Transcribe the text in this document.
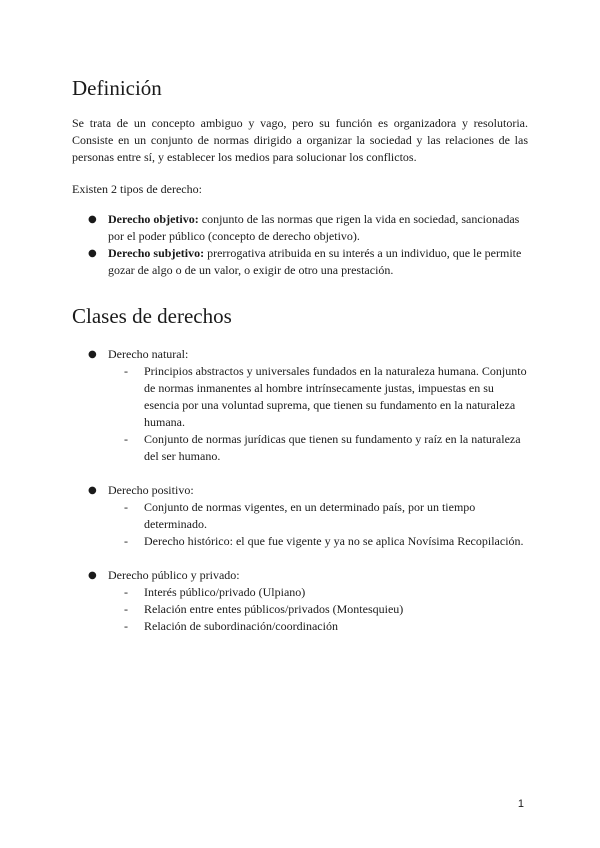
Definición

Se trata de un concepto ambiguo y vago, pero su función es organizadora y resolutoria. Consiste en un conjunto de normas dirigido a organizar la sociedad y las relaciones de las personas entre sí, y establecer los medios para solucionar los conflictos.

Existen 2 tipos de derecho:

● Derecho objetivo: conjunto de las normas que rigen la vida en sociedad, sancionadas por el poder público (concepto de derecho objetivo).
● Derecho subjetivo: prerrogativa atribuida en su interés a un individuo, que le permite gozar de algo o de un valor, o exigir de otro una prestación.
Clases de derechos
● Derecho natural:
- Principios abstractos y universales fundados en la naturaleza humana. Conjunto de normas inmanentes al hombre intrínsecamente justas, impuestas en su esencia por una voluntad suprema, que tienen su fundamento en la naturaleza humana.
- Conjunto de normas jurídicas que tienen su fundamento y raíz en la naturaleza del ser humano.
● Derecho positivo:
- Conjunto de normas vigentes, en un determinado país, por un tiempo determinado.
- Derecho histórico: el que fue vigente y ya no se aplica Novísima Recopilación.
● Derecho público y privado:
- Interés público/privado (Ulpiano)
- Relación entre entes públicos/privados (Montesquieu)
- Relación de subordinación/coordinación
1
